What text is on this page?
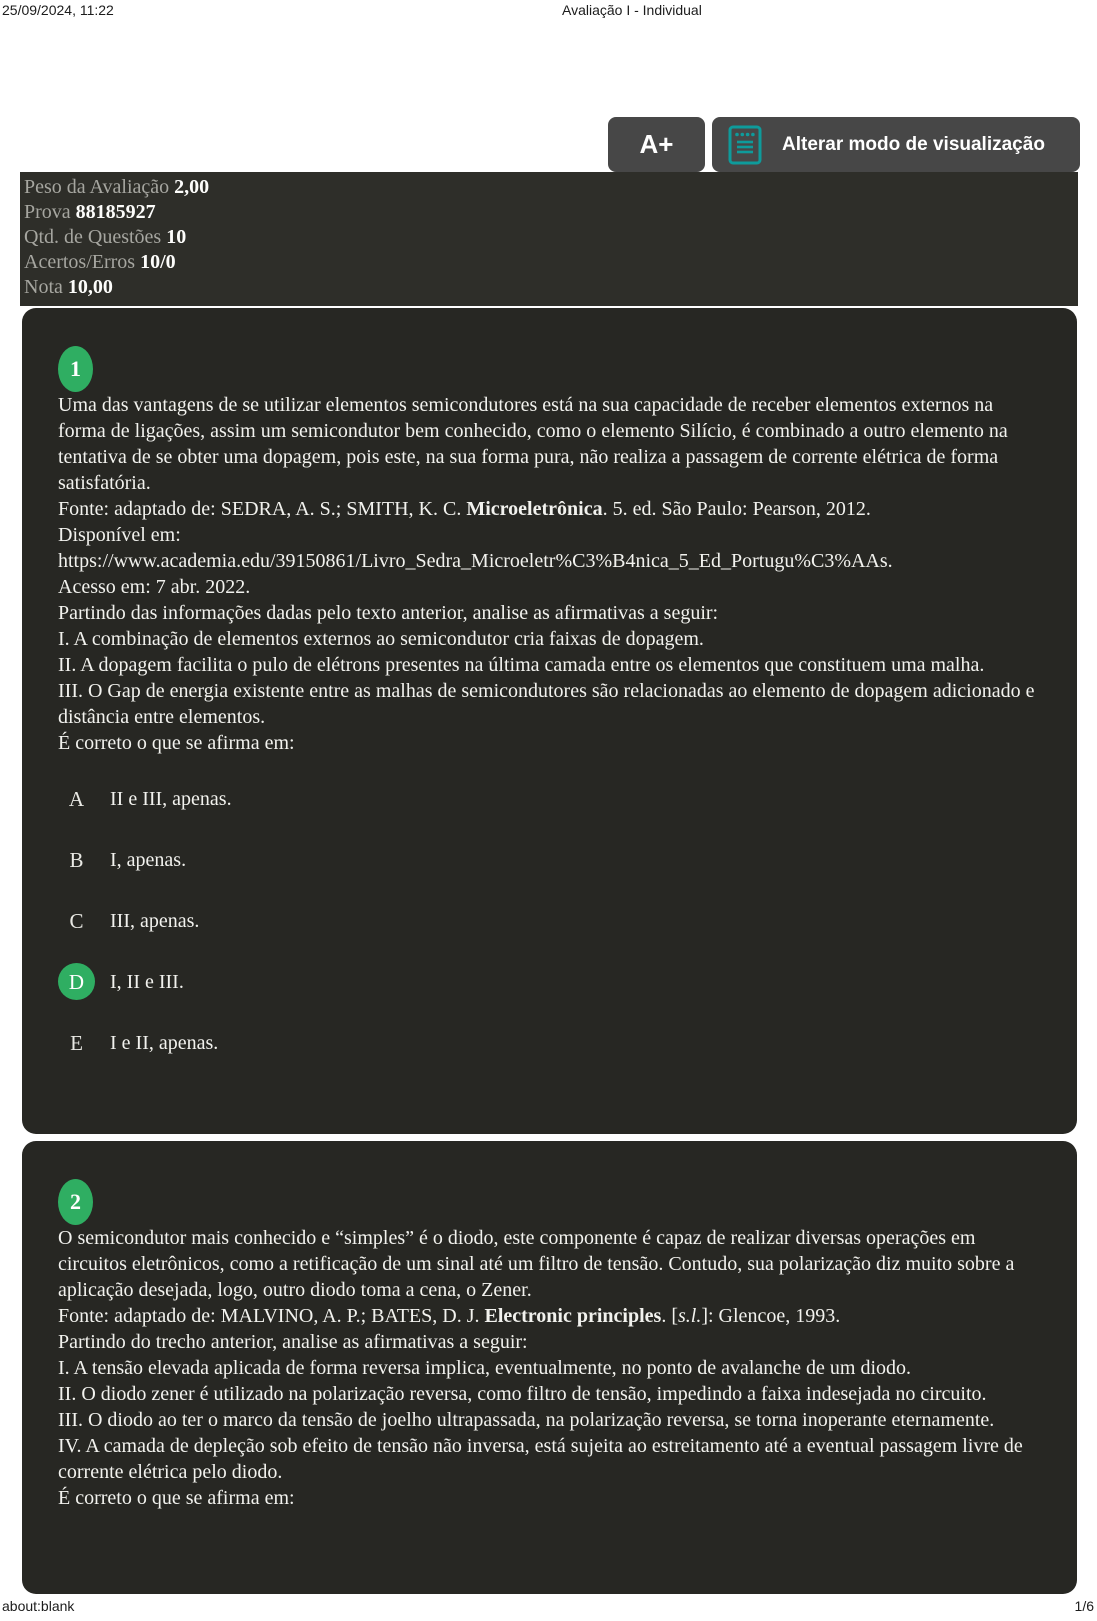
25/09/2024, 11:22	Avaliação I - Individual
A+	Alterar modo de visualização
Peso da Avaliação 2,00
Prova 88185927
Qtd. de Questões 10
Acertos/Erros 10/0
Nota 10,00
1
Uma das vantagens de se utilizar elementos semicondutores está na sua capacidade de receber elementos externos na forma de ligações, assim um semicondutor bem conhecido, como o elemento Silício, é combinado a outro elemento na tentativa de se obter uma dopagem, pois este, na sua forma pura, não realiza a passagem de corrente elétrica de forma satisfatória.
Fonte: adaptado de: SEDRA, A. S.; SMITH, K. C. Microeletrônica. 5. ed. São Paulo: Pearson, 2012.
Disponível em:
https://www.academia.edu/39150861/Livro_Sedra_Microeletr%C3%B4nica_5_Ed_Portugu%C3%AAs.
Acesso em: 7 abr. 2022.
Partindo das informações dadas pelo texto anterior, analise as afirmativas a seguir:
I. A combinação de elementos externos ao semicondutor cria faixas de dopagem.
II. A dopagem facilita o pulo de elétrons presentes na última camada entre os elementos que constituem uma malha.
III. O Gap de energia existente entre as malhas de semicondutores são relacionadas ao elemento de dopagem adicionado e distância entre elementos.
É correto o que se afirma em:
A	II e III, apenas.
B	I, apenas.
C	III, apenas.
D	I, II e III.
E	I e II, apenas.
2
O semicondutor mais conhecido e “simples” é o diodo, este componente é capaz de realizar diversas operações em circuitos eletrônicos, como a retificação de um sinal até um filtro de tensão. Contudo, sua polarização diz muito sobre a aplicação desejada, logo, outro diodo toma a cena, o Zener.
Fonte: adaptado de: MALVINO, A. P.; BATES, D. J. Electronic principles. [s.l.]: Glencoe, 1993.
Partindo do trecho anterior, analise as afirmativas a seguir:
I. A tensão elevada aplicada de forma reversa implica, eventualmente, no ponto de avalanche de um diodo.
II. O diodo zener é utilizado na polarização reversa, como filtro de tensão, impedindo a faixa indesejada no circuito.
III. O diodo ao ter o marco da tensão de joelho ultrapassada, na polarização reversa, se torna inoperante eternamente.
IV. A camada de depleção sob efeito de tensão não inversa, está sujeita ao estreitamento até a eventual passagem livre de corrente elétrica pelo diodo.
É correto o que se afirma em:
about:blank	1/6
